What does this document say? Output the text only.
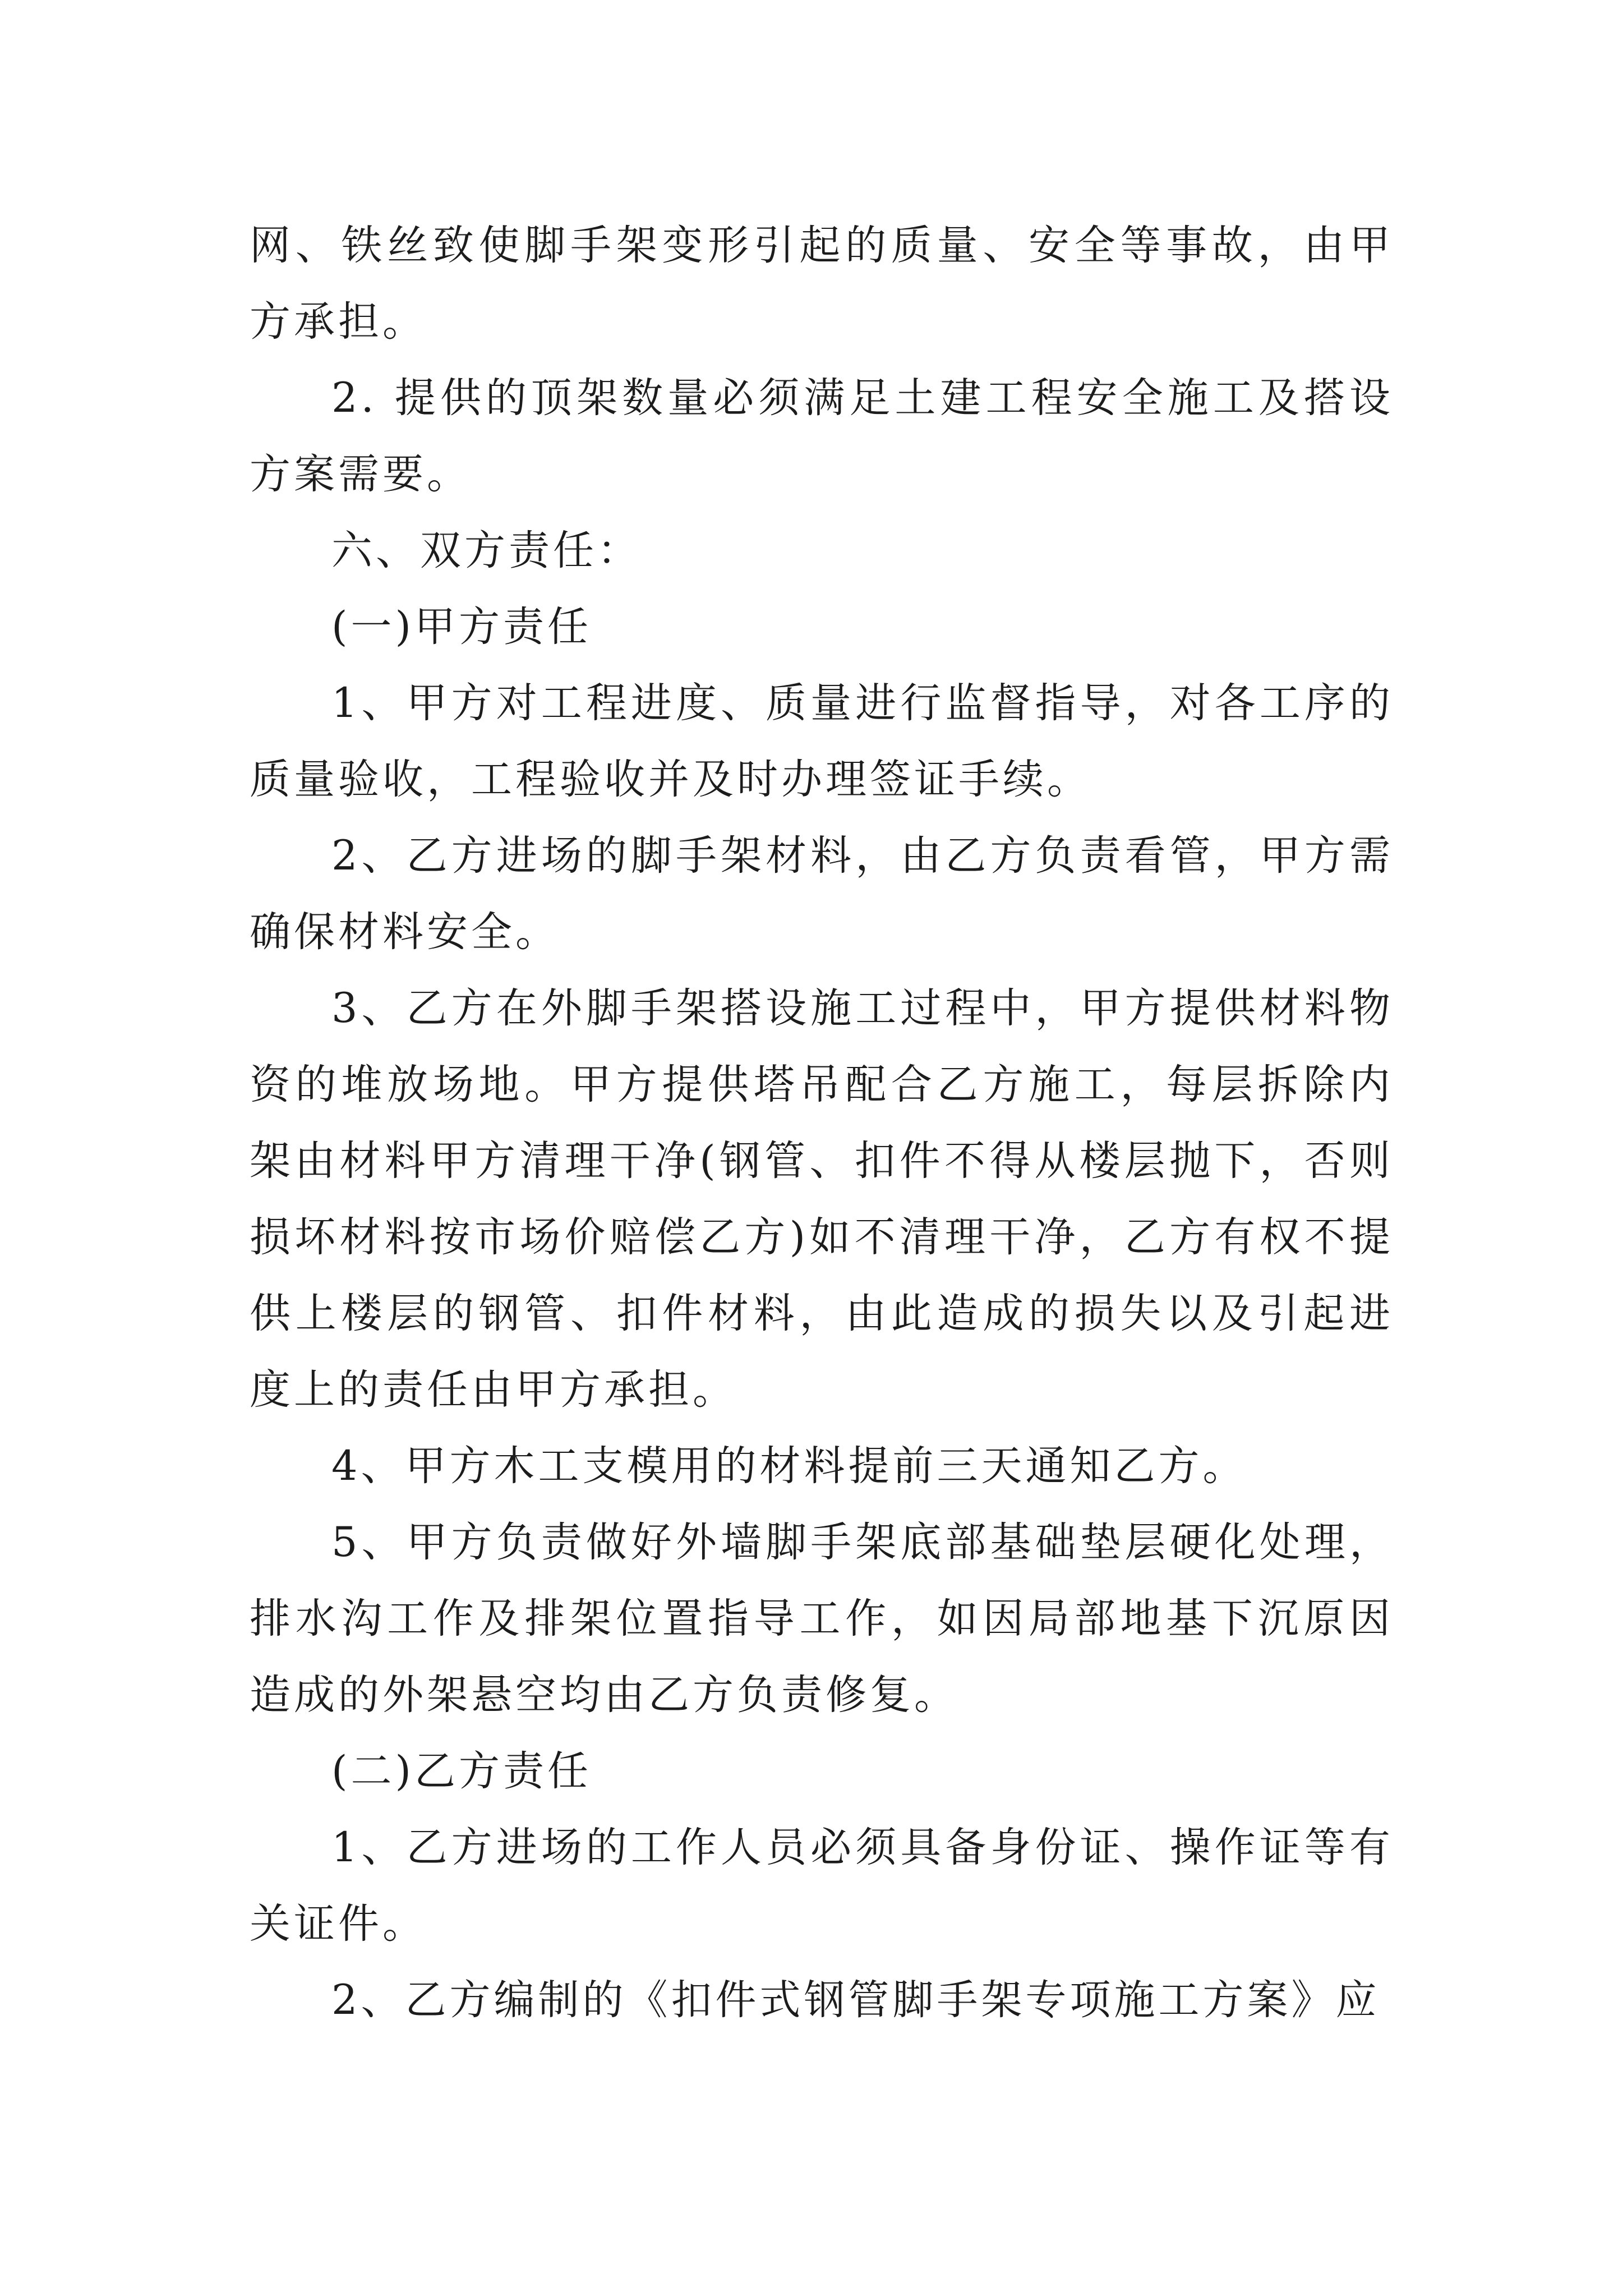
网、铁丝致使脚手架变形引起的质量、安全等事故，由甲方承担。

2. 提供的顶架数量必须满足土建工程安全施工及搭设方案需要。

六、双方责任：

(一)甲方责任

1、甲方对工程进度、质量进行监督指导，对各工序的质量验收，工程验收并及时办理签证手续。

2、乙方进场的脚手架材料，由乙方负责看管，甲方需确保材料安全。

3、乙方在外脚手架搭设施工过程中，甲方提供材料物资的堆放场地。甲方提供塔吊配合乙方施工，每层拆除内架由材料甲方清理干净(钢管、扣件不得从楼层抛下，否则损坏材料按市场价赔偿乙方)如不清理干净，乙方有权不提供上楼层的钢管、扣件材料，由此造成的损失以及引起进度上的责任由甲方承担。

4、甲方木工支模用的材料提前三天通知乙方。

5、甲方负责做好外墙脚手架底部基础垫层硬化处理，排水沟工作及排架位置指导工作，如因局部地基下沉原因造成的外架悬空均由乙方负责修复。

(二)乙方责任

1、乙方进场的工作人员必须具备身份证、操作证等有关证件。

2、乙方编制的《扣件式钢管脚手架专项施工方案》应
